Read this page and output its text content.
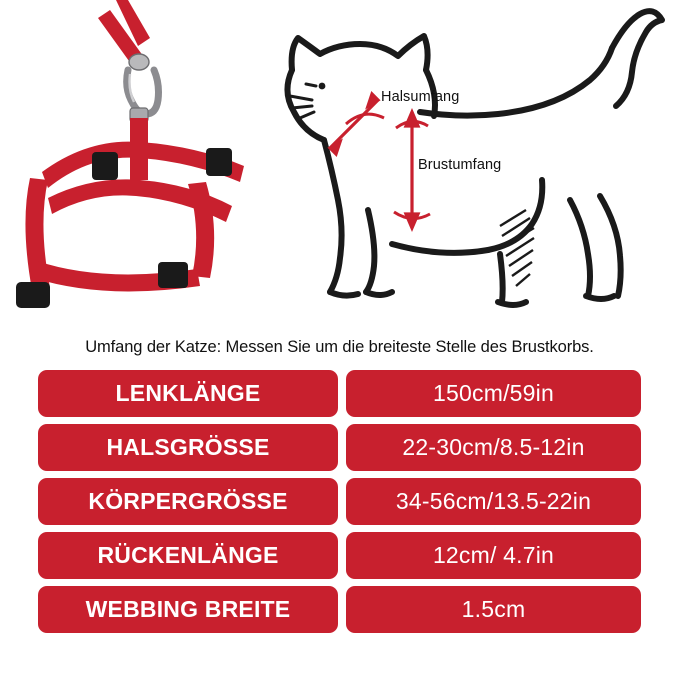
Halsumfang
Brustumfang
Umfang der Katze: Messen Sie um die breiteste Stelle des Brustkorbs.
LENKLÄNGE	150cm/59in
HALSGRÖSSE	22-30cm/8.5-12in
KÖRPERGRÖSSE	34-56cm/13.5-22in
RÜCKENLÄNGE	12cm/ 4.7in
WEBBING BREITE	1.5cm
